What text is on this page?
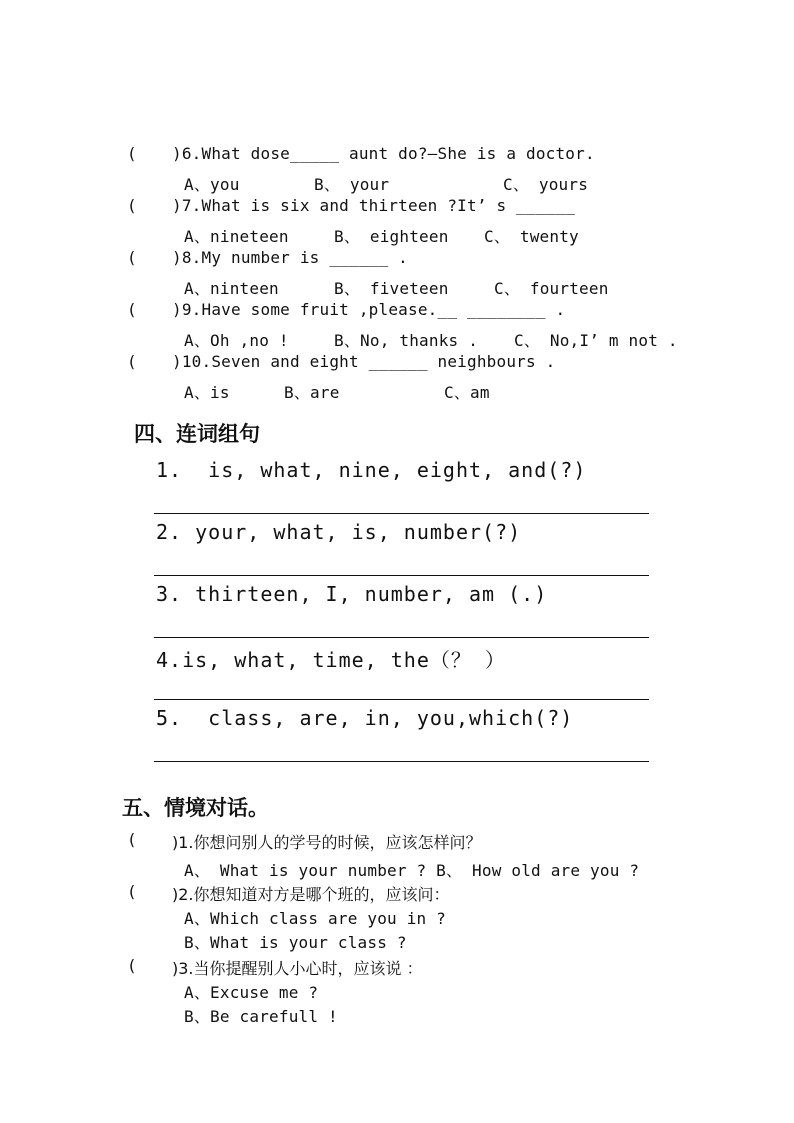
( )6.What dose_____ aunt do?—She is a doctor.
A、you	B、 your	C、 yours
( )7.What is six and thirteen ?It’ s ______
A、nineteen	B、 eighteen C、 twenty
( )8.My number is ______ .
A、ninteen	B、 fiveteen	C、 fourteen
( )9.Have some fruit ,please.__ ________ .
A、Oh ,no !	B、No, thanks . C、 No,I’ m not .
( )10.Seven and eight ______ neighbours .
A、is	B、are	C、am
四、连词组句
1.  is, what, nine, eight, and(?)
2. your, what, is, number(?)
3. thirteen, I, number, am (.)
4.is, what, time, the（？ ）
5.  class, are, in, you,which(?)
五、情境对话。
( )1.你想问别人的学号的时候，应该怎样问？
A、 What is your number ? B、 How old are you ?
( )2.你想知道对方是哪个班的，应该问：
A、Which class are you in ?
B、What is your class ?
( )3.当你提醒别人小心时，应该说 ：
A、Excuse me ?
B、Be carefull !
